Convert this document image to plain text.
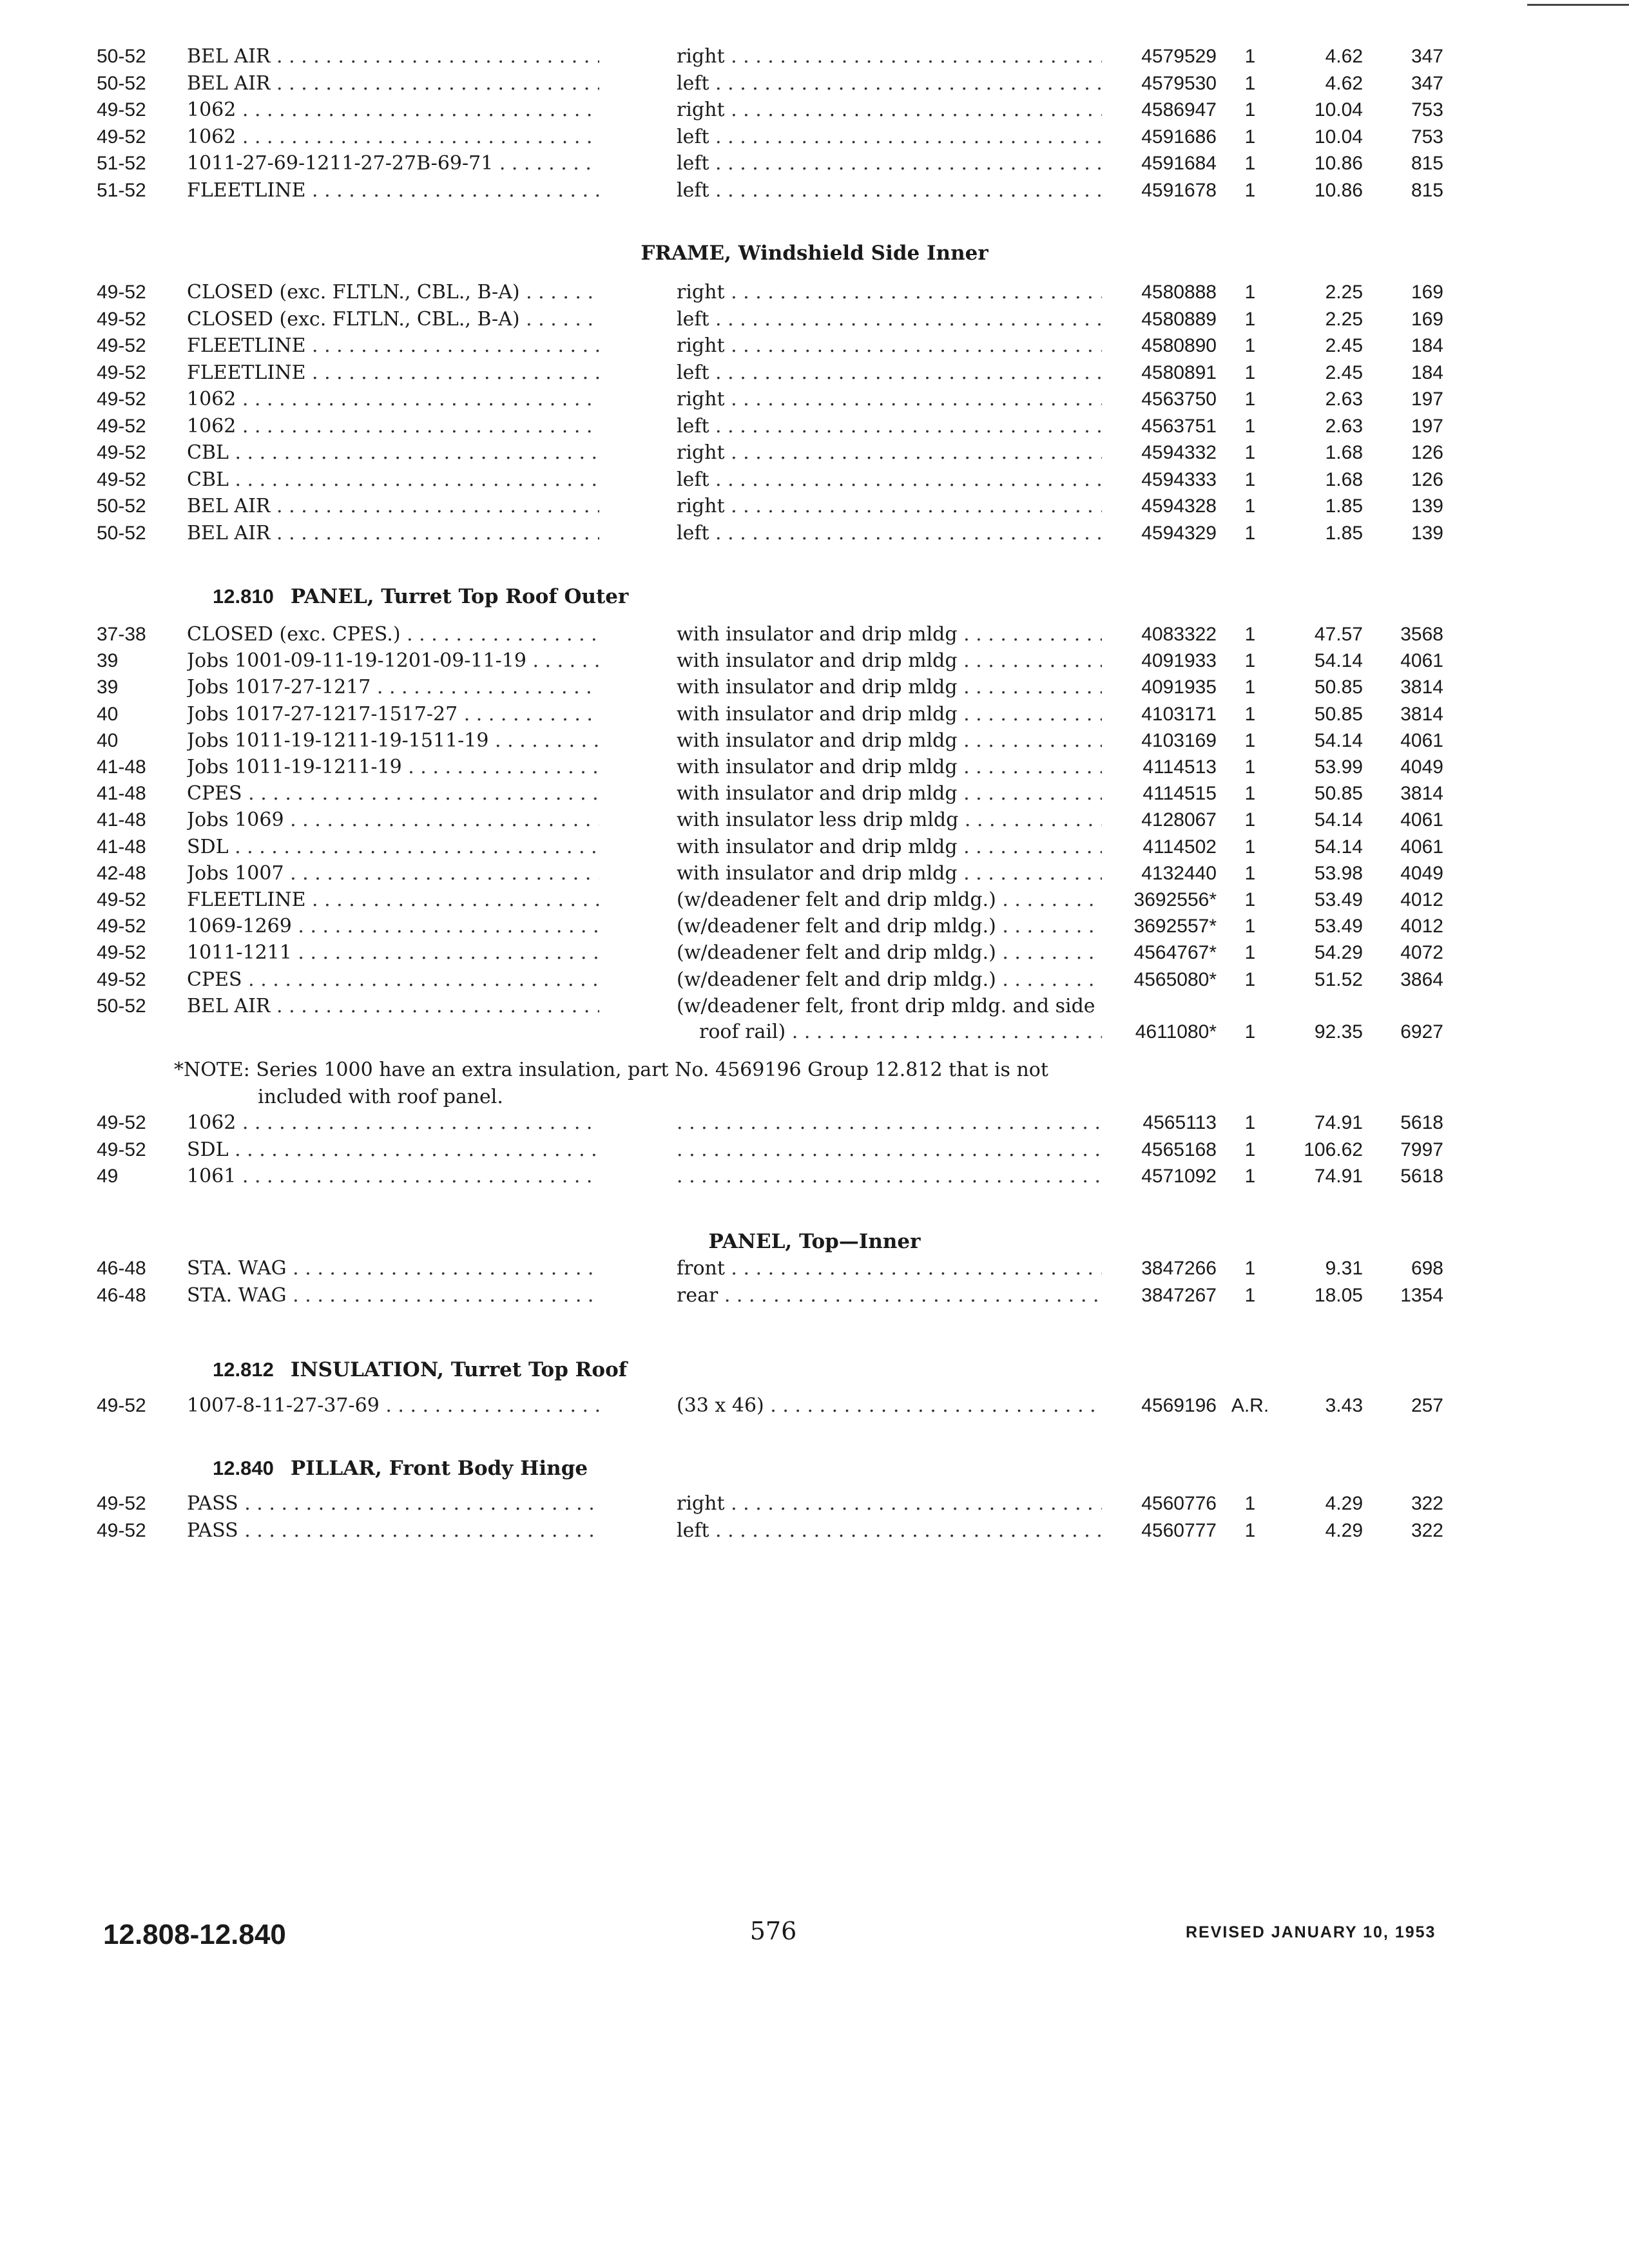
50-52 BEL AIR . . .	right . . .	4579529	1	4.62	347
50-52 BEL AIR . . .	left . . .	4579530	1	4.62	347
49-52 1062 . . .	right . . .	4586947	1	10.04	753
49-52 1062 . . .	left . . .	4591686	1	10.04	753
51-52 1011-27-69-1211-27-27B-69-71 . . .	left . . .	4591684	1	10.86	815
51-52 FLEETLINE . . .	left . . .	4591678	1	10.86	815
49-52 CLOSED (exc. FLTLN., CBL., B-A) . . .	right . . .	4580888	1	2.25	169
49-52 CLOSED (exc. FLTLN., CBL., B-A) . . .	left . . .	4580889	1	2.25	169
49-52 FLEETLINE . . .	right . . .	4580890	1	2.45	184
49-52 FLEETLINE . . .	left . . .	4580891	1	2.45	184
49-52 1062 . . .	right . . .	4563750	1	2.63	197
49-52 1062 . . .	left . . .	4563751	1	2.63	197
49-52 CBL . . .	right . . .	4594332	1	1.68	126
49-52 CBL . . .	left . . .	4594333	1	1.68	126
50-52 BEL AIR . . .	right . . .	4594328	1	1.85	139
50-52 BEL AIR . . .	left . . .	4594329	1	1.85	139
37-38 CLOSED (exc. CPES.) . . .	with insulator and drip mldg . . .	4083322	1	47.57	3568
39	Jobs 1001-09-11-19-1201-09-11-19 . . .	with insulator and drip mldg . . .	4091933	1	54.14	4061
39	Jobs 1017-27-1217 . . .	with insulator and drip mldg . . .	4091935	1	50.85	3814
40	Jobs 1017-27-1217-1517-27 . . .	with insulator and drip mldg . . .	4103171	1	50.85	3814
40	Jobs 1011-19-1211-19-1511-19 . . .	with insulator and drip mldg . . .	4103169	1	54.14	4061
41-48 Jobs 1011-19-1211-19 . . .	with insulator and drip mldg . . .	4114513	1	53.99	4049
41-48 CPES . . .	with insulator and drip mldg . . .	4114515	1	50.85	3814
41-48 Jobs 1069 . . .	with insulator less drip mldg . . .	4128067	1	54.14	4061
41-48 SDL . . .	with insulator and drip mldg . . .	4114502	1	54.14	4061
42-48 Jobs 1007 . . .	with insulator and drip mldg . . .	4132440	1	53.98	4049
49-52 FLEETLINE . . .	(w/deadener felt and drip mldg.) . . .	3692556*	1	53.49	4012
49-52 1069-1269 . . .	(w/deadener felt and drip mldg.) . . .	3692557*	1	53.49	4012
49-52 1011-1211 . . .	(w/deadener felt and drip mldg.) . . .	4564767*	1	54.29	4072
49-52 CPES . . .	(w/deadener felt and drip mldg.) . . .	4565080*	1	51.52	3864
49-52 1062 . . . . . .	4565113	1	74.91	5618
49-52 SDL . . . . . .	4565168	1	106.62	7997
49	1061 . . . . . .	4571092	1	74.91	5618
46-48 STA. WAG . . .	front . . .	3847266	1	9.31	698
46-48 STA. WAG . . .	rear . . .	3847267	1	18.05	1354
49-52 1007-8-11-27-37-69 . . .	(33 x 46) . . .	4569196 A.R.	3.43	257
49-52 PASS . . .	right . . .	4560776	1	4.29	322
49-52 PASS . . .	left . . .	4560777	1	4.29	322
50-52 BEL AIR . . .	(w/deadener felt, front drip mldg. and side
roof rail) . . .	4611080*	1	92.35	6927
FRAME, Windshield Side Inner
12.810 PANEL, Turret Top Roof Outer
*NOTE: Series 1000 have an extra insulation, part No. 4569196 Group 12.812 that is not
included with roof panel.
PANEL, Top—Inner
12.812 INSULATION, Turret Top Roof
12.840 PILLAR, Front Body Hinge
12.808-12.840	576	REVISED JANUARY 10, 1953
